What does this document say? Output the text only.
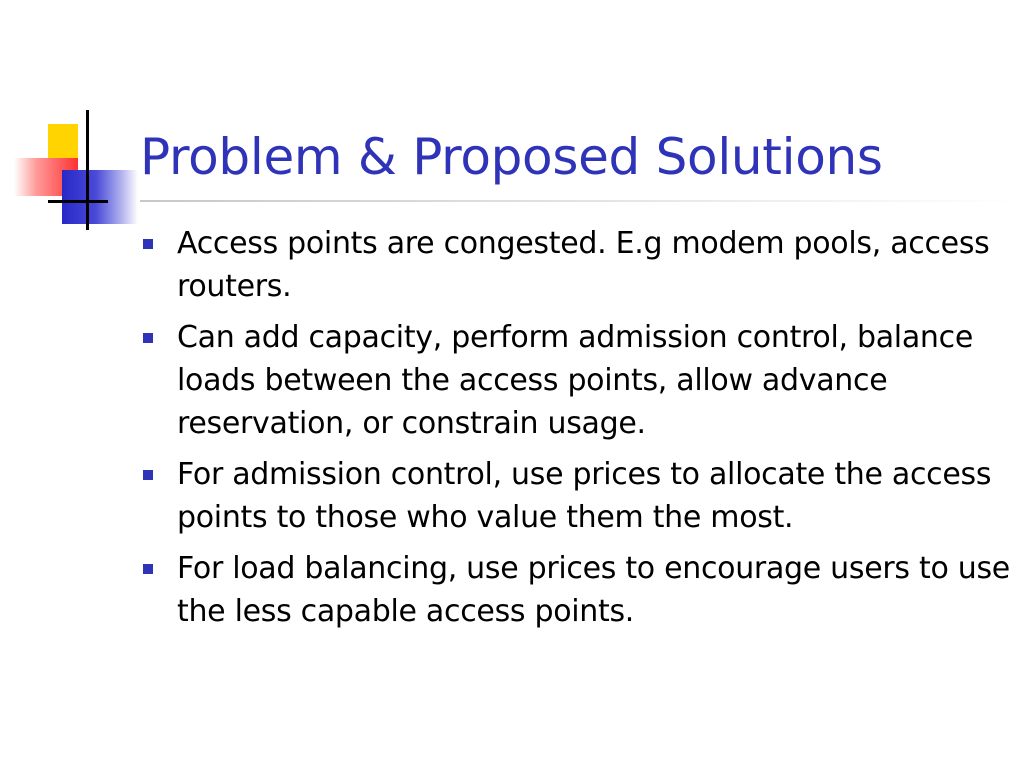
Problem & Proposed Solutions
Access points are congested. E.g modem pools, access routers.
Can add capacity, perform admission control, balance loads between the access points, allow advance reservation, or constrain usage.
For admission control, use prices to allocate the access points to those who value them the most.
For load balancing, use prices to encourage users to use the less capable access points.
